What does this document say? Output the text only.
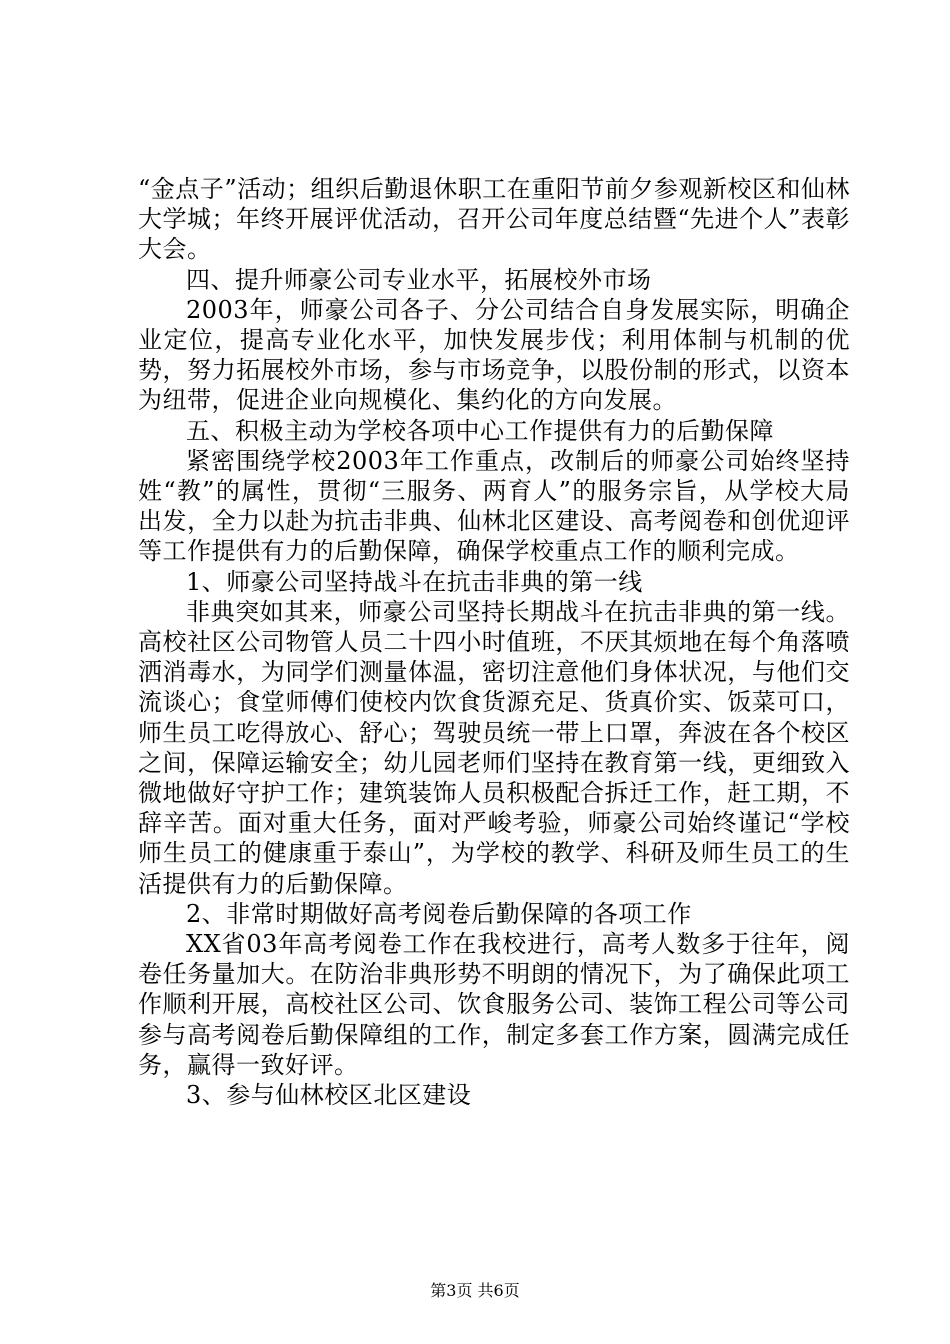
“金点子”活动；组织后勤退休职工在重阳节前夕参观新校区和仙林大学城；年终开展评优活动，召开公司年度总结暨“先进个人”表彰大会。

四、提升师豪公司专业水平，拓展校外市场

2003年，师豪公司各子、分公司结合自身发展实际，明确企业定位，提高专业化水平，加快发展步伐；利用体制与机制的优势，努力拓展校外市场，参与市场竞争，以股份制的形式，以资本为纽带，促进企业向规模化、集约化的方向发展。

五、积极主动为学校各项中心工作提供有力的后勤保障

紧密围绕学校2003年工作重点，改制后的师豪公司始终坚持姓“教”的属性，贯彻“三服务、两育人”的服务宗旨，从学校大局出发，全力以赴为抗击非典、仙林北区建设、高考阅卷和创优迎评等工作提供有力的后勤保障，确保学校重点工作的顺利完成。

1、师豪公司坚持战斗在抗击非典的第一线

非典突如其来，师豪公司坚持长期战斗在抗击非典的第一线。高校社区公司物管人员二十四小时值班，不厌其烦地在每个角落喷洒消毒水，为同学们测量体温，密切注意他们身体状况，与他们交流谈心；食堂师傅们使校内饮食货源充足、货真价实、饭菜可口，师生员工吃得放心、舒心；驾驶员统一带上口罩，奔波在各个校区之间，保障运输安全；幼儿园老师们坚持在教育第一线，更细致入微地做好守护工作；建筑装饰人员积极配合拆迁工作，赶工期，不辞辛苦。面对重大任务，面对严峻考验，师豪公司始终谨记“学校师生员工的健康重于泰山”，为学校的教学、科研及师生员工的生活提供有力的后勤保障。

2、非常时期做好高考阅卷后勤保障的各项工作

XX省03年高考阅卷工作在我校进行，高考人数多于往年，阅卷任务量加大。在防治非典形势不明朗的情况下，为了确保此项工作顺利开展，高校社区公司、饮食服务公司、装饰工程公司等公司参与高考阅卷后勤保障组的工作，制定多套工作方案，圆满完成任务，赢得一致好评。

3、参与仙林校区北区建设

第3页 共6页
